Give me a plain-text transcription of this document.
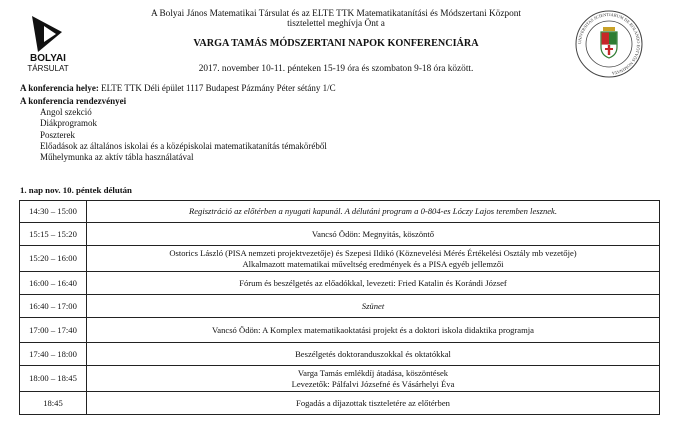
BOLYAI
TÁRSULAT
UNIVERSITAS SCIENTIARUM DE ROLANDO EÖTVÖS NOMINATA
A Bolyai János Matematikai Társulat és az ELTE TTK Matematikatanítási és Módszertani Központ
tisztelettel meghívja Önt a
VARGA TAMÁS MÓDSZERTANI NAPOK KONFERENCIÁRA
2017. november 10-11. pénteken 15-19 óra és szombaton 9-18 óra között.
A konferencia helye: ELTE TTK Déli épület 1117 Budapest Pázmány Péter sétány 1/C
A konferencia rendezvényei
Angol szekció
Diákprogramok
Poszterek
Előadások az általános iskolai és a középiskolai matematikatanítás témaköréből
Műhelymunka az aktív tábla használatával
1. nap nov. 10. péntek délután
14:30 – 15:00	Regisztráció az előtérben a nyugati kapunál. A délutáni program a 0-804-es Lóczy Lajos teremben lesznek.

15:15 – 15:20	Vancsó Ödön: Megnyitás, köszöntő

15:20 – 16:00	Ostorics László (PISA nemzeti projektvezetője) és Szepesi Ildikó (Köznevelési Mérés Értékelési Osztály mb vezetője)
Alkalmazott matematikai műveltség eredmények és a PISA egyéb jellemzői

16:00 – 16:40	Fórum és beszélgetés az előadókkal, levezeti: Fried Katalin és Korándi József

16:40 – 17:00	Szünet

17:00 – 17:40	Vancsó Ödön: A Komplex matematikaoktatási projekt és a doktori iskola didaktika programja

17:40 – 18:00	Beszélgetés doktoranduszokkal és oktatókkal

18:00 – 18:45	Varga Tamás emlékdíj átadása, köszöntések
Levezetők: Pálfalvi Józsefné és Vásárhelyi Éva

18:45	Fogadás a díjazottak tiszteletére az előtérben
